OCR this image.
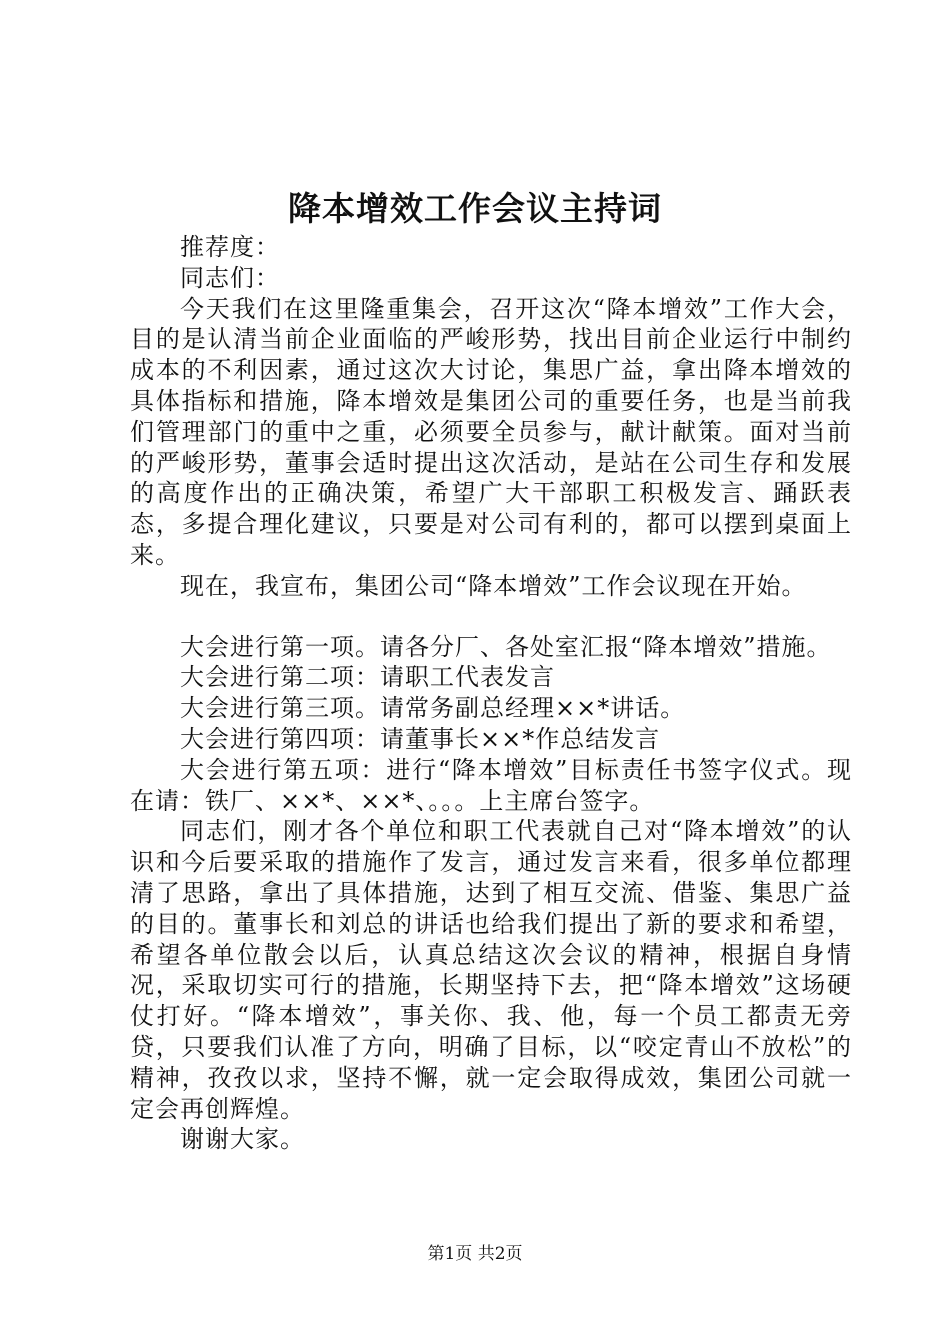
降本增效工作会议主持词

推荐度：

同志们：

今天我们在这里隆重集会，召开这次“降本增效”工作大会，目的是认清当前企业面临的严峻形势，找出目前企业运行中制约成本的不利因素，通过这次大讨论，集思广益，拿出降本增效的具体指标和措施，降本增效是集团公司的重要任务，也是当前我们管理部门的重中之重，必须要全员参与，献计献策。面对当前的严峻形势，董事会适时提出这次活动，是站在公司生存和发展的高度作出的正确决策，希望广大干部职工积极发言、踊跃表态，多提合理化建议，只要是对公司有利的，都可以摆到桌面上来。

现在，我宣布，集团公司“降本增效”工作会议现在开始。

大会进行第一项。请各分厂、各处室汇报“降本增效”措施。

大会进行第二项：请职工代表发言

大会进行第三项。请常务副总经理××*讲话。

大会进行第四项：请董事长××*作总结发言

大会进行第五项：进行“降本增效”目标责任书签字仪式。现在请：铁厂、××*、××*、。。。上主席台签字。

同志们，刚才各个单位和职工代表就自己对“降本增效”的认识和今后要采取的措施作了发言，通过发言来看，很多单位都理清了思路，拿出了具体措施，达到了相互交流、借鉴、集思广益的目的。董事长和刘总的讲话也给我们提出了新的要求和希望，希望各单位散会以后，认真总结这次会议的精神，根据自身情况，采取切实可行的措施，长期坚持下去，把“降本增效”这场硬仗打好。“降本增效”，事关你、我、他，每一个员工都责无旁贷，只要我们认准了方向，明确了目标，以“咬定青山不放松”的精神，孜孜以求，坚持不懈，就一定会取得成效，集团公司就一定会再创辉煌。

谢谢大家。

第1页 共2页
